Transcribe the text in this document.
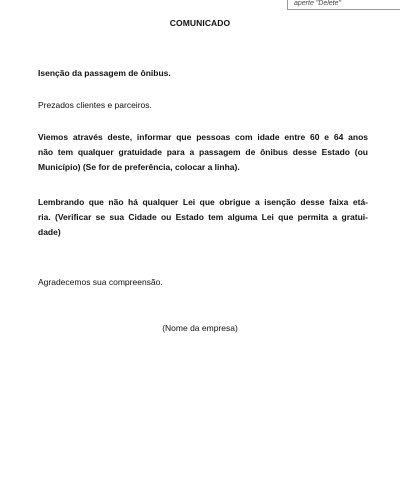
aperte "Delete"
COMUNICADO
Isenção da passagem de ônibus.
Prezados clientes e parceiros.
Viemos através deste, informar que pessoas com idade entre 60 e 64 anos
não tem qualquer gratuidade para a passagem de ônibus desse Estado (ou
Município) (Se for de preferência, colocar a linha).
Lembrando que não há qualquer Lei que obrigue a isenção desse faixa etá-
ria. (Verificar se sua Cidade ou Estado tem alguma Lei que permita a gratui-
dade)
Agradecemos sua compreensão.
(Nome da empresa)
